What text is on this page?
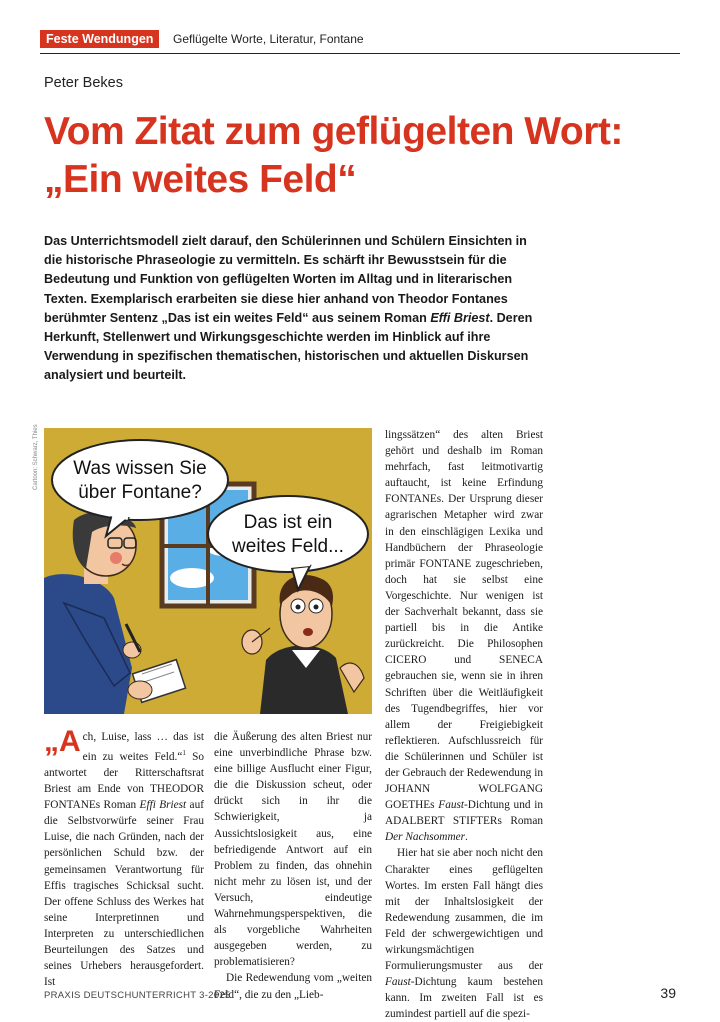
Feste Wendungen	Geflügelte Worte, Literatur, Fontane
Peter Bekes
Vom Zitat zum geflügelten Wort: „Ein weites Feld“
Das Unterrichtsmodell zielt darauf, den Schülerinnen und Schülern Einsichten in die historische Phraseologie zu vermitteln. Es schärft ihr Bewusstsein für die Bedeutung und Funktion von geflügelten Worten im Alltag und in literarischen Texten. Exemplarisch erarbeiten sie diese hier anhand von Theodor Fontanes berühmter Sentenz „Das ist ein weites Feld“ aus seinem Roman Effi Briest. Deren Herkunft, Stellenwert und Wirkungsgeschichte werden im Hinblick auf ihre Verwendung in spezifischen thematischen, historischen und aktuellen Diskursen analysiert und beurteilt.
Cartoon: Schwarz, Thies Was wissen Sie
über Fontane?
Das ist ein
weites Feld...

„Ach, Luise, lass … das ist ein zu weites Feld.“$^1$ So antwortet der Ritterschaftsrat Briest am Ende von THEODOR FONTANEs Roman Effi Briest auf die Selbstvorwürfe seiner Frau Luise, die nach Gründen, nach der persönlichen Schuld bzw. der gemeinsamen Verantwortung für Effis tragisches Schicksal sucht. Der offene Schluss des Werkes hat seine Interpretinnen und Interpreten zu unterschiedlichen Beurteilungen des Satzes und seines Urhebers herausgefordert. Ist

die Äußerung des alten Briest nur eine unverbindliche Phrase bzw. eine billige Ausflucht einer Figur, die die Diskussion scheut, oder drückt sich in ihr die Schwierigkeit, ja Aussichtslosigkeit aus, eine befriedigende Antwort auf ein Problem zu finden, das ohnehin nicht mehr zu lösen ist, und der Versuch, eindeutige Wahrnehmungsperspektiven, die als vorgebliche Wahrheiten ausgegeben werden, zu problematisieren?

Die Redewendung vom „weiten Feld“, die zu den „Lieb-

lingssätzen“ des alten Briest gehört und deshalb im Roman mehrfach, fast leitmotivartig auftaucht, ist keine Erfindung FONTANEs. Der Ursprung dieser agrarischen Metapher wird zwar in den einschlägigen Lexika und Handbüchern der Phraseologie primär FONTANE zugeschrieben, doch hat sie selbst eine Vorgeschichte. Nur wenigen ist der Sachverhalt bekannt, dass sie partiell bis in die Antike zurückreicht. Die Philosophen CICERO und SENECA gebrauchen sie, wenn sie in ihren Schriften über die Weitläufigkeit des Tugendbegriffes, hier vor allem der Freigiebigkeit reflektieren. Aufschlussreich für die Schülerinnen und Schüler ist der Gebrauch der Redewendung in JOHANN WOLFGANG GOETHEs Faust-Dichtung und in ADALBERT STIFTERs Roman Der Nachsommer.

Hier hat sie aber noch nicht den Charakter eines geflügelten Wortes. Im ersten Fall hängt dies mit der Inhaltslosigkeit der Redewendung zusammen, die im Feld der schwergewichtigen und wirkungsmächtigen Formulierungsmuster aus der Faust-Dichtung kaum bestehen kann. Im zweiten Fall ist es zumindest partiell auf die spezi-

PRAXIS DEUTSCHUNTERRICHT 3-2025	39
